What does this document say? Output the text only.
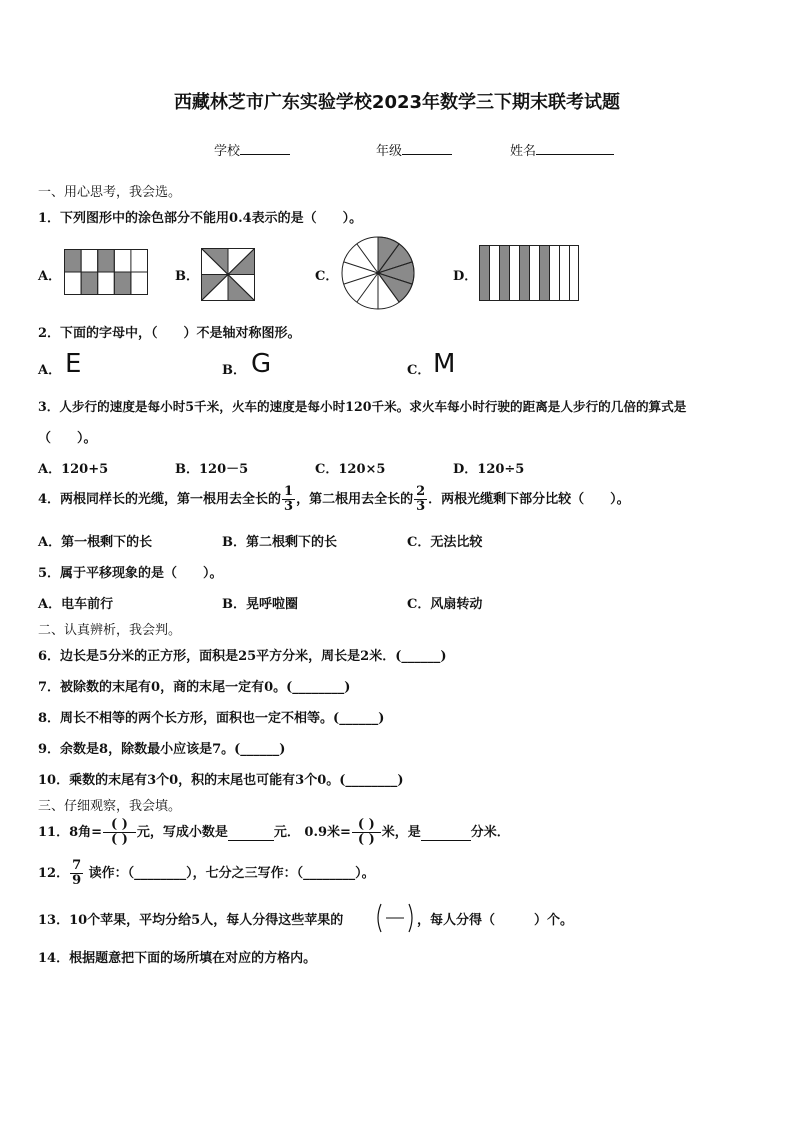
西藏林芝市广东实验学校2023年数学三下期末联考试题
学校	年级	姓名
一、用心思考，我会选。
1．下列图形中的涂色部分不能用0.4表示的是（　　）。
A．	B．	C．	D．
2．下面的字母中，（　　）不是轴对称图形。
A． E	B． G	C． M
3．人步行的速度是每小时5千米，火车的速度是每小时120千米。求火车每小时行驶的距离是人步行的几倍的算式是
（　　）。
A．120+5	B．120－5	C．120×5	D．120÷5
4．两根同样长的光缆，第一根用去全长的 $\frac{1}{3}$ ，第二根用去全长的 $\frac{2}{3}$ ．两根光缆剩下部分比较（　　）。
A．第一根剩下的长	B．第二根剩下的长	C．无法比较
5．属于平移现象的是（　　）。
A．电车前行	B．晃呼啦圈	C．风扇转动
二、认真辨析，我会判。
6．边长是5分米的正方形，面积是25平方分米，周长是2米．(______)
7．被除数的末尾有0，商的末尾一定有0。(________)
8．周长不相等的两个长方形，面积也一定不相等。(______)
9．余数是8，除数最小应该是7。(______)
10．乘数的末尾有3个0，积的末尾也可能有3个0。(________)
三、仔细观察，我会填。
11．8角= $\frac{( )}{( )}$ 元，写成小数是	元． 0.9米= $\frac{( )}{( )}$ 米，是	分米．
12． $\frac{7}{9}$ 读作：（________），七分之三写作：（________）。
13．10个苹果，平均分给5人，每人分得这些苹果的	，每人分得（　　　）个。
14．根据题意把下面的场所填在对应的方格内。
